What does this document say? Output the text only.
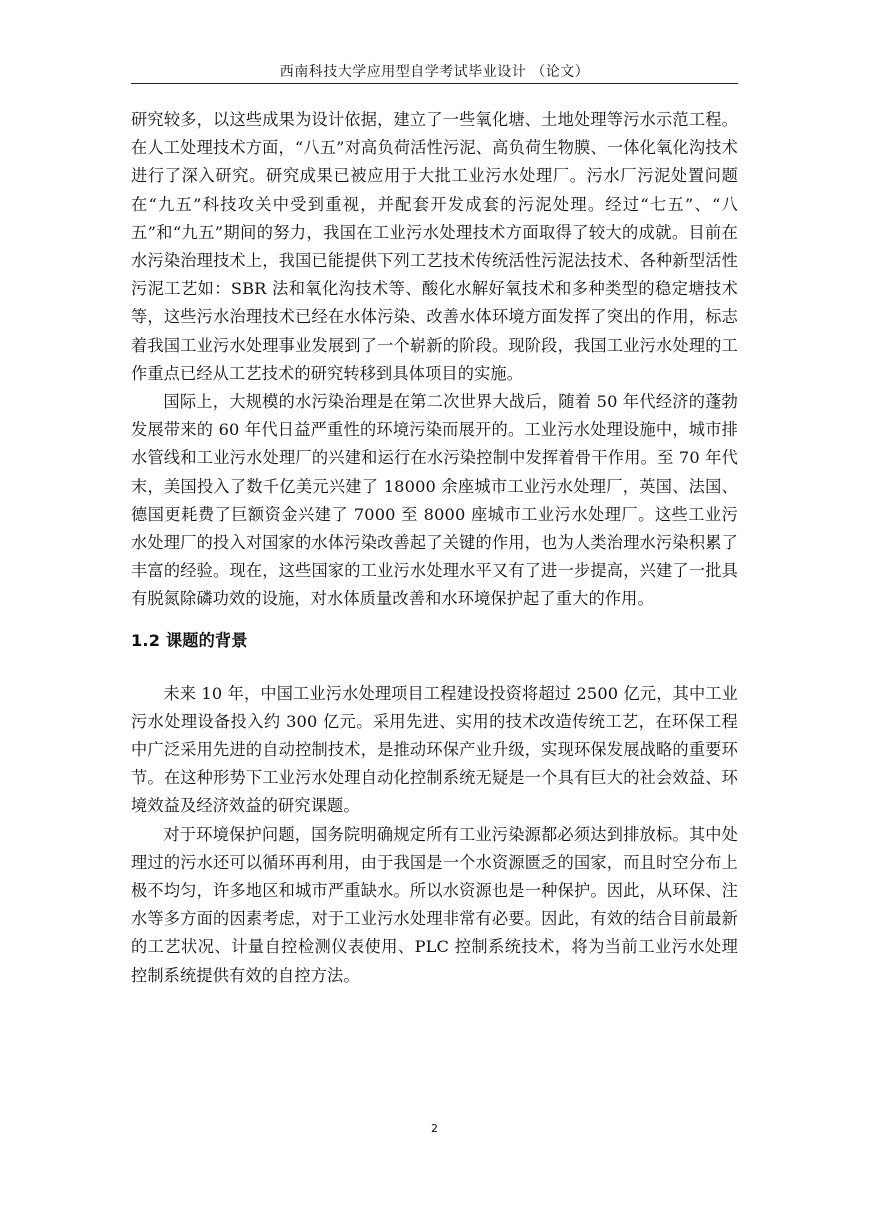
西南科技大学应用型自学考试毕业设计 （论文）

研究较多，以这些成果为设计依据，建立了一些氧化塘、土地处理等污水示范工程。在人工处理技术方面，“八五”对高负荷活性污泥、高负荷生物膜、一体化氧化沟技术进行了深入研究。研究成果已被应用于大批工业污水处理厂。污水厂污泥处置问题在“九五”科技攻关中受到重视，并配套开发成套的污泥处理。经过“七五”、“八五”和“九五”期间的努力，我国在工业污水处理技术方面取得了较大的成就。目前在水污染治理技术上，我国已能提供下列工艺技术传统活性污泥法技术、各种新型活性污泥工艺如：SBR 法和氧化沟技术等、酸化水解好氧技术和多种类型的稳定塘技术等，这些污水治理技术已经在水体污染、改善水体环境方面发挥了突出的作用，标志着我国工业污水处理事业发展到了一个崭新的阶段。现阶段，我国工业污水处理的工作重点已经从工艺技术的研究转移到具体项目的实施。

国际上，大规模的水污染治理是在第二次世界大战后，随着 50 年代经济的蓬勃发展带来的 60 年代日益严重性的环境污染而展开的。工业污水处理设施中，城市排水管线和工业污水处理厂的兴建和运行在水污染控制中发挥着骨干作用。至 70 年代末，美国投入了数千亿美元兴建了 18000 余座城市工业污水处理厂，英国、法国、德国更耗费了巨额资金兴建了 7000 至 8000 座城市工业污水处理厂。这些工业污水处理厂的投入对国家的水体污染改善起了关键的作用，也为人类治理水污染积累了丰富的经验。现在，这些国家的工业污水处理水平又有了进一步提高，兴建了一批具有脱氮除磷功效的设施，对水体质量改善和水环境保护起了重大的作用。

1.2 课题的背景

未来 10 年，中国工业污水处理项目工程建设投资将超过 2500 亿元，其中工业污水处理设备投入约 300 亿元。采用先进、实用的技术改造传统工艺，在环保工程中广泛采用先进的自动控制技术，是推动环保产业升级，实现环保发展战略的重要环节。在这种形势下工业污水处理自动化控制系统无疑是一个具有巨大的社会效益、环境效益及经济效益的研究课题。

对于环境保护问题，国务院明确规定所有工业污染源都必须达到排放标。其中处理过的污水还可以循环再利用，由于我国是一个水资源匮乏的国家，而且时空分布上极不均匀，许多地区和城市严重缺水。所以水资源也是一种保护。因此，从环保、注水等多方面的因素考虑，对于工业污水处理非常有必要。因此，有效的结合目前最新的工艺状况、计量自控检测仪表使用、PLC 控制系统技术，将为当前工业污水处理控制系统提供有效的自控方法。

2
